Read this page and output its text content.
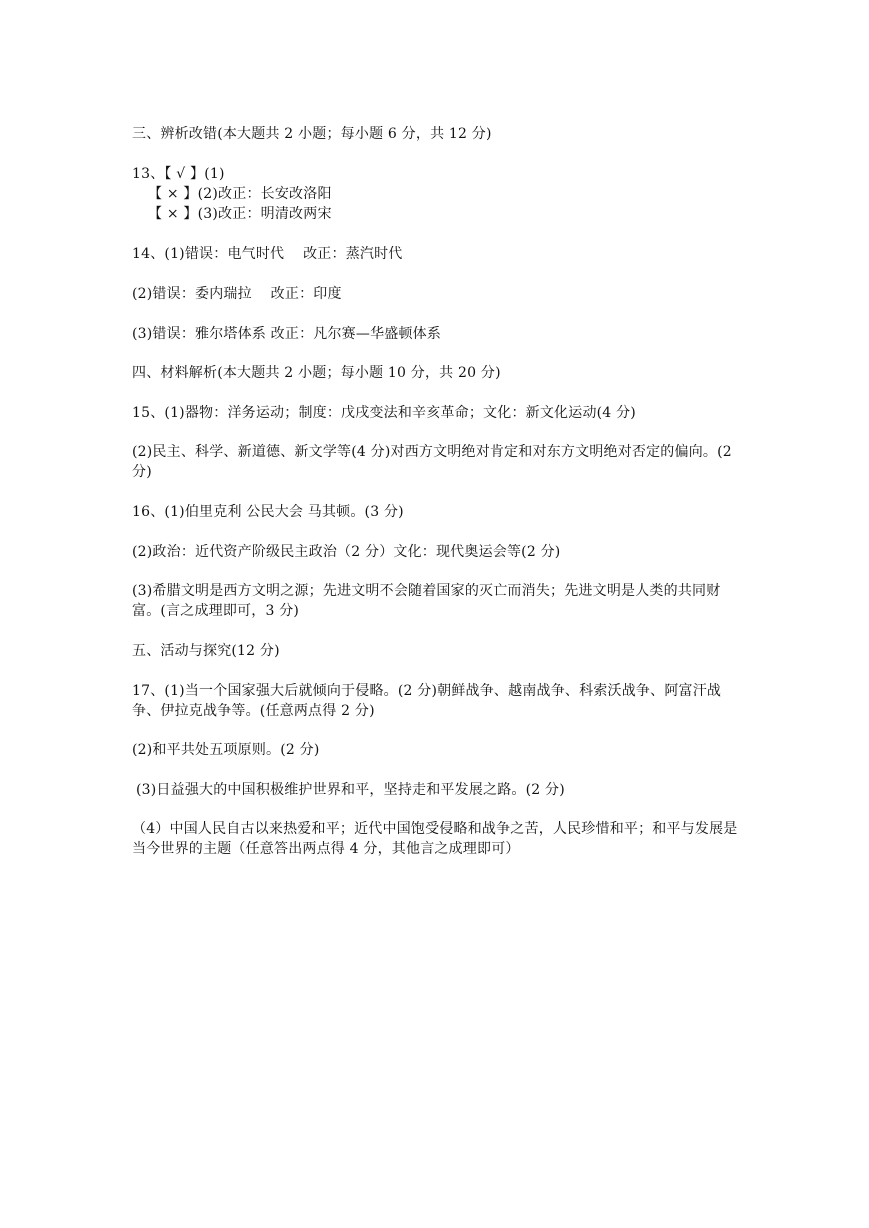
三、辨析改错(本大题共 2 小题；每小题 6 分，共 12 分)

13、【 √ 】(1)

【 × 】(2)改正：长安改洛阳

【 × 】(3)改正：明清改两宋

14、(1)错误：电气时代　 改正：蒸汽时代

(2)错误：委内瑞拉　 改正：印度

(3)错误：雅尔塔体系 改正：凡尔赛—华盛顿体系

四、材料解析(本大题共 2 小题；每小题 10 分，共 20 分)

15、(1)器物：洋务运动；制度：戊戌变法和辛亥革命；文化：新文化运动(4 分)

(2)民主、科学、新道德、新文学等(4 分)对西方文明绝对肯定和对东方文明绝对否定的偏向。(2 分)

16、(1)伯里克利 公民大会 马其顿。(3 分)

(2)政治：近代资产阶级民主政治（2 分）文化：现代奥运会等(2 分)

(3)希腊文明是西方文明之源；先进文明不会随着国家的灭亡而消失；先进文明是人类的共同财富。(言之成理即可，3 分)

五、活动与探究(12 分)

17、(1)当一个国家强大后就倾向于侵略。(2 分)朝鲜战争、越南战争、科索沃战争、阿富汗战争、伊拉克战争等。(任意两点得 2 分)

(2)和平共处五项原则。(2 分)

(3)日益强大的中国积极维护世界和平，坚持走和平发展之路。(2 分)

（4）中国人民自古以来热爱和平；近代中国饱受侵略和战争之苦，人民珍惜和平；和平与发展是当今世界的主题（任意答出两点得 4 分，其他言之成理即可）
